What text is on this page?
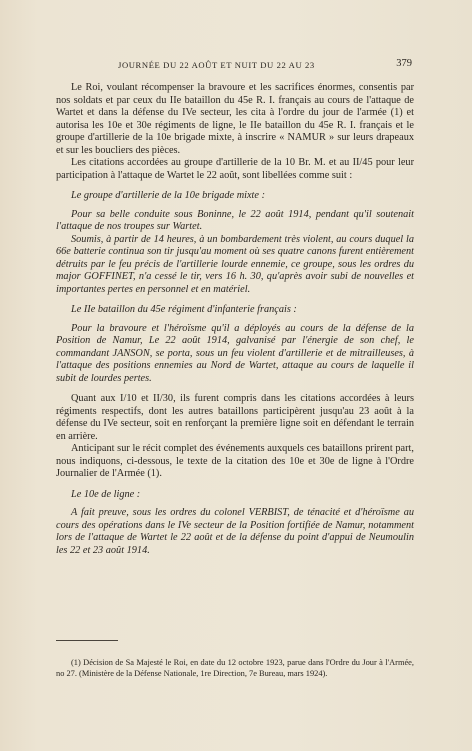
JOURNÉE DU 22 AOÛT ET NUIT DU 22 AU 23	379

Le Roi, voulant récompenser la bravoure et les sacrifices énormes, consentis par nos soldats et par ceux du IIe bataillon du 45e R. I. français au cours de l'attaque de Wartet et dans la défense du IVe secteur, les cita à l'ordre du jour de l'armée (1) et autorisa les 10e et 30e régiments de ligne, le IIe bataillon du 45e R. I. français et le groupe d'artillerie de la 10e brigade mixte, à inscrire « NAMUR » sur leurs drapeaux et sur les boucliers des pièces.

Les citations accordées au groupe d'artillerie de la 10 Br. M. et au II/45 pour leur participation à l'attaque de Wartet le 22 août, sont libellées comme suit :

Le groupe d'artillerie de la 10e brigade mixte :

Pour sa belle conduite sous Boninne, le 22 août 1914, pendant qu'il soutenait l'attaque de nos troupes sur Wartet.

Soumis, à partir de 14 heures, à un bombardement très violent, au cours duquel la 66e batterie continua son tir jusqu'au moment où ses quatre canons furent entièrement détruits par le feu précis de l'artillerie lourde ennemie, ce groupe, sous les ordres du major GOFFINET, n'a cessé le tir, vers 16 h. 30, qu'après avoir subi de nouvelles et importantes pertes en personnel et en matériel.

Le IIe bataillon du 45e régiment d'infanterie français :

Pour la bravoure et l'héroïsme qu'il a déployés au cours de la défense de la Position de Namur, Le 22 août 1914, galvanisé par l'énergie de son chef, le commandant JANSON, se porta, sous un feu violent d'artillerie et de mitrailleuses, à l'attaque des positions ennemies au Nord de Wartet, attaque au cours de laquelle il subit de lourdes pertes.

Quant aux I/10 et II/30, ils furent compris dans les citations accordées à leurs régiments respectifs, dont les autres bataillons participèrent jusqu'au 23 août à la défense du IVe secteur, soit en renforçant la première ligne soit en défendant le terrain en arrière.

Anticipant sur le récit complet des événements auxquels ces bataillons prirent part, nous indiquons, ci-dessous, le texte de la citation des 10e et 30e de ligne à l'Ordre Journalier de l'Armée (1).

Le 10e de ligne :

A fait preuve, sous les ordres du colonel VERBIST, de ténacité et d'héroïsme au cours des opérations dans le IVe secteur de la Position fortifiée de Namur, notamment lors de l'attaque de Wartet le 22 août et de la défense du point d'appui de Neumoulin les 22 et 23 août 1914.

(1) Décision de Sa Majesté le Roi, en date du 12 octobre 1923, parue dans l'Ordre du Jour à l'Armée, no 27. (Ministère de la Défense Nationale, 1re Direction, 7e Bureau, mars 1924).
